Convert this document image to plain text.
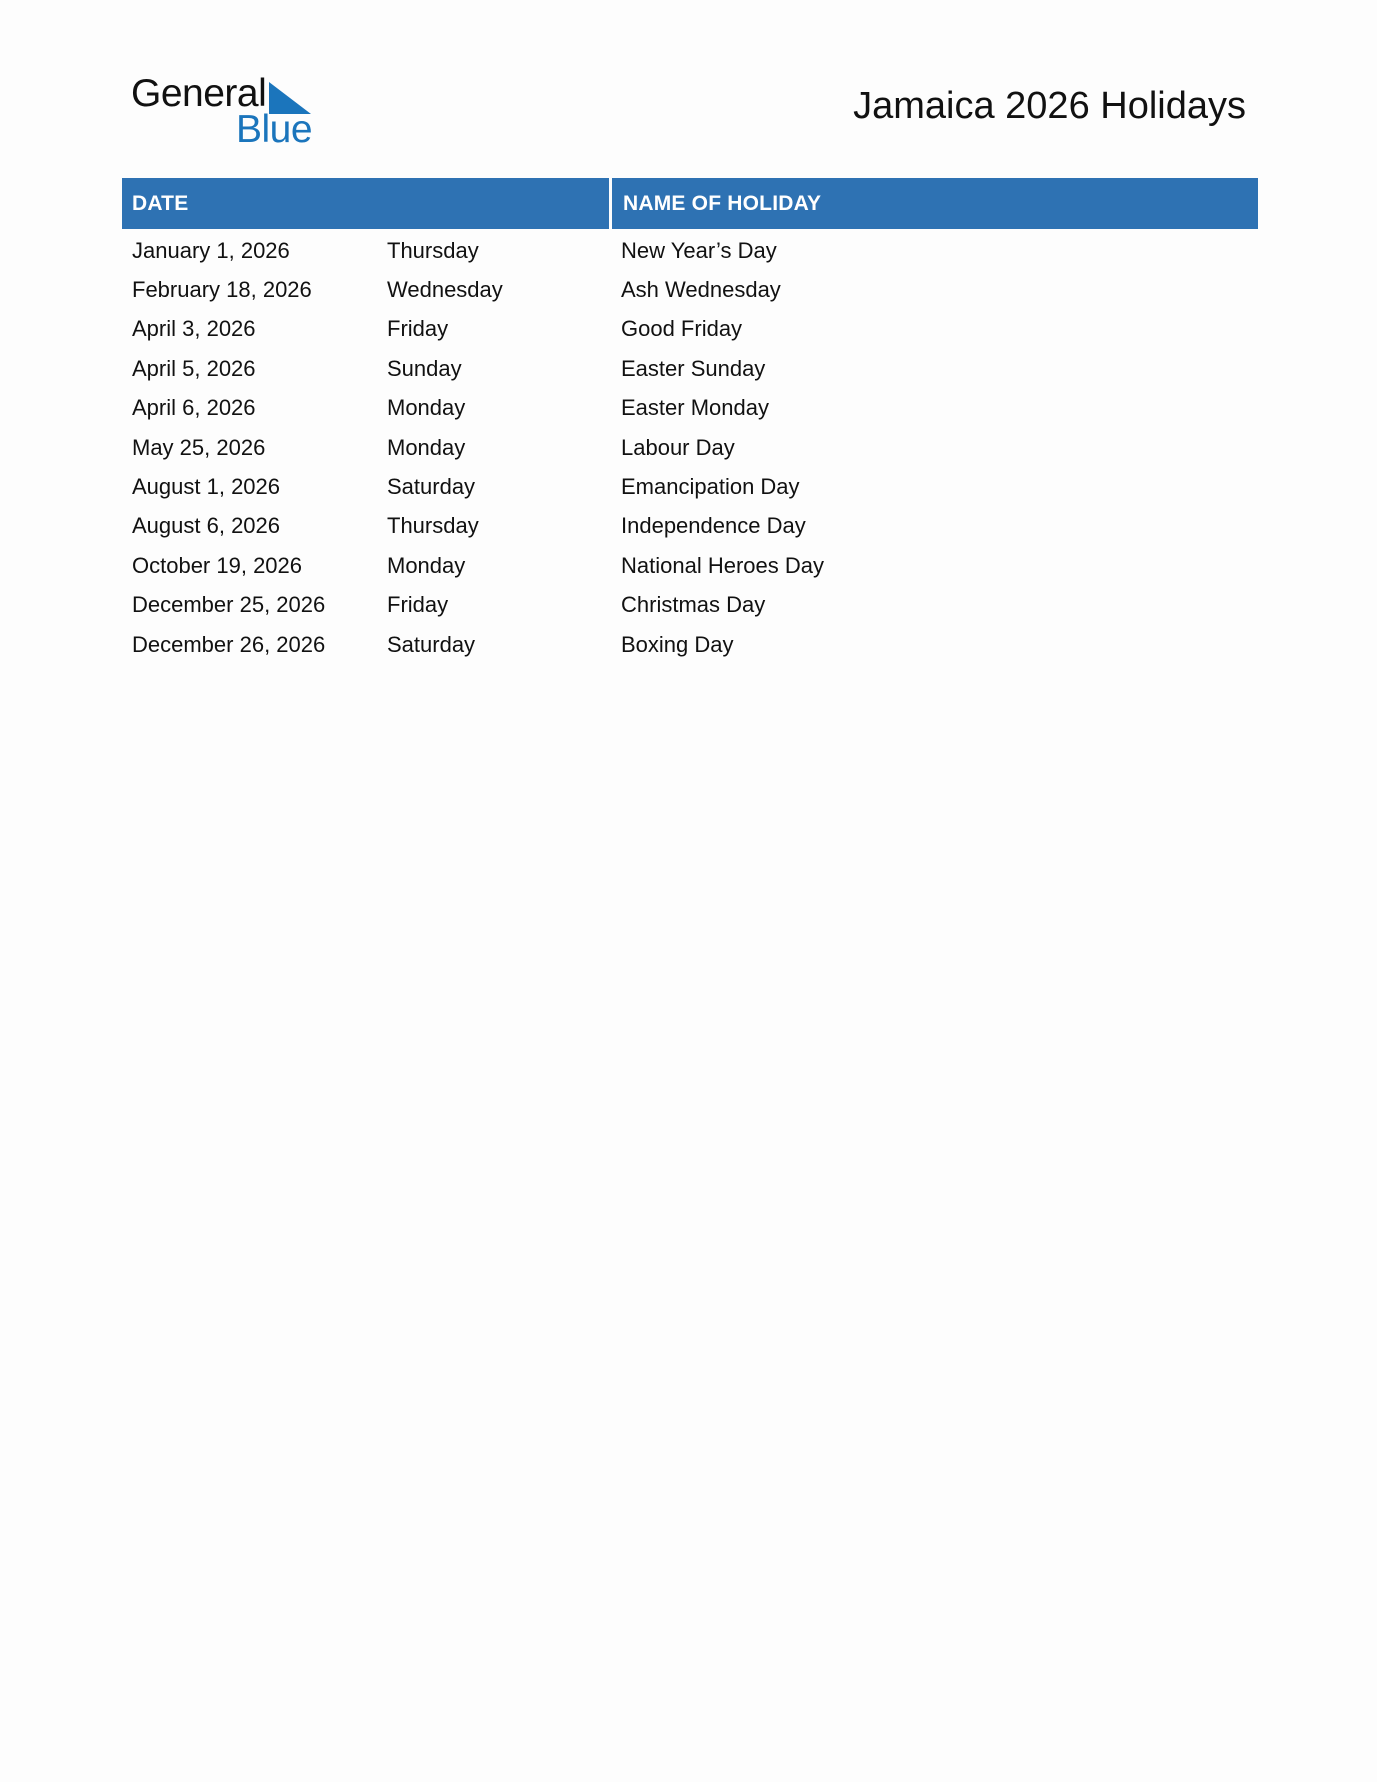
General
Blue
Jamaica 2026 Holidays
DATE	NAME OF HOLIDAY
January 1, 2026	Thursday	New Year’s Day
February 18, 2026	Wednesday	Ash Wednesday
April 3, 2026	Friday	Good Friday
April 5, 2026	Sunday	Easter Sunday
April 6, 2026	Monday	Easter Monday
May 25, 2026	Monday	Labour Day
August 1, 2026	Saturday	Emancipation Day
August 6, 2026	Thursday	Independence Day
October 19, 2026	Monday	National Heroes Day
December 25, 2026	Friday	Christmas Day
December 26, 2026	Saturday	Boxing Day
